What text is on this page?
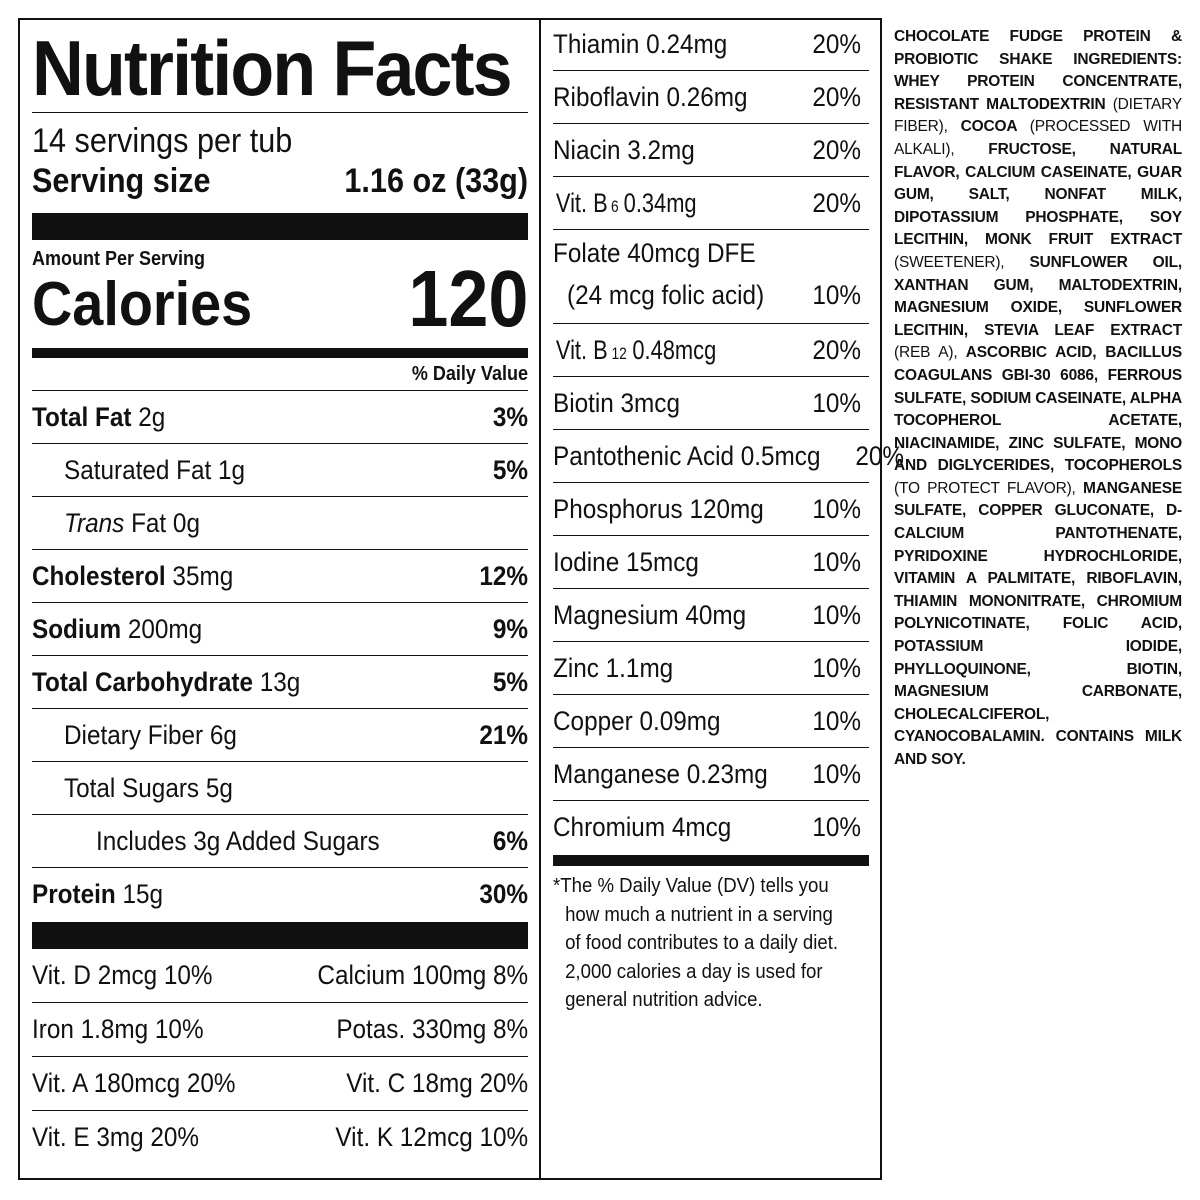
Nutrition Facts
14 servings per tub
Serving size	1.16 oz (33g)
Amount Per Serving
Calories 120
% Daily Value
Total Fat 2g	3%
Saturated Fat 1g	5%
Trans Fat 0g
Cholesterol 35mg	12%
Sodium 200mg	9%
Total Carbohydrate 13g	5%
Dietary Fiber 6g	21%
Total Sugars 5g
Includes 3g Added Sugars	6%
Protein 15g	30%
Vit. D 2mcg 10%	Calcium 100mg 8%
Iron 1.8mg 10%	Potas. 330mg 8%
Vit. A 180mcg 20%	Vit. C 18mg 20%
Vit. E 3mg 20%	Vit. K 12mcg 10%
Thiamin 0.24mg	20%
Riboflavin 0.26mg 20%
Niacin 3.2mg	20%
Vit. B 60.34mg	20%
Folate 40mcg DFE
(24 mcg folic acid) 10%
Vit. B 120.48mcg	20%
Biotin 3mcg	10%
Pantothenic Acid 0.5mcg 20%
Phosphorus 120mg 10%
Iodine 15mcg	10%
Magnesium 40mg 10%
Zinc 1.1mg	10%
Copper 0.09mg	10%
Manganese 0.23mg 10%
Chromium 4mcg	10%
*The % Daily Value (DV) tells you
how much a nutrient in a serving
of food contributes to a daily diet.
2,000 calories a day is used for
general nutrition advice.
CHOCOLATE FUDGE PROTEIN & PROBIOTIC SHAKE INGREDIENTS: WHEY PROTEIN CONCENTRATE, RESISTANT MALTODEXTRIN (DIETARY FIBER), COCOA (PROCESSED WITH ALKALI), FRUCTOSE, NATURAL FLAVOR, CALCIUM CASEINATE, GUAR GUM, SALT, NONFAT MILK, DIPOTASSIUM PHOSPHATE, SOY LECITHIN, MONK FRUIT EXTRACT (SWEETENER), SUNFLOWER OIL, XANTHAN GUM, MALTODEXTRIN, MAGNESIUM OXIDE, SUNFLOWER LECITHIN, STEVIA LEAF EXTRACT (REB A), ASCORBIC ACID, BACILLUS COAGULANS GBI-30 6086, FERROUS SULFATE, SODIUM CASEINATE, ALPHA TOCOPHEROL ACETATE, NIACINAMIDE, ZINC SULFATE, MONO AND DIGLYCERIDES, TOCOPHEROLS (TO PROTECT FLAVOR), MANGANESE SULFATE, COPPER GLUCONATE, D-CALCIUM PANTOTHENATE, PYRIDOXINE HYDROCHLORIDE, VITAMIN A PALMITATE, RIBOFLAVIN, THIAMIN MONONITRATE, CHROMIUM POLYNICOTINATE, FOLIC ACID, POTASSIUM IODIDE, PHYLLOQUINONE, BIOTIN, MAGNESIUM CARBONATE, CHOLECALCIFEROL, CYANOCOBALAMIN. CONTAINS MILK AND SOY.
